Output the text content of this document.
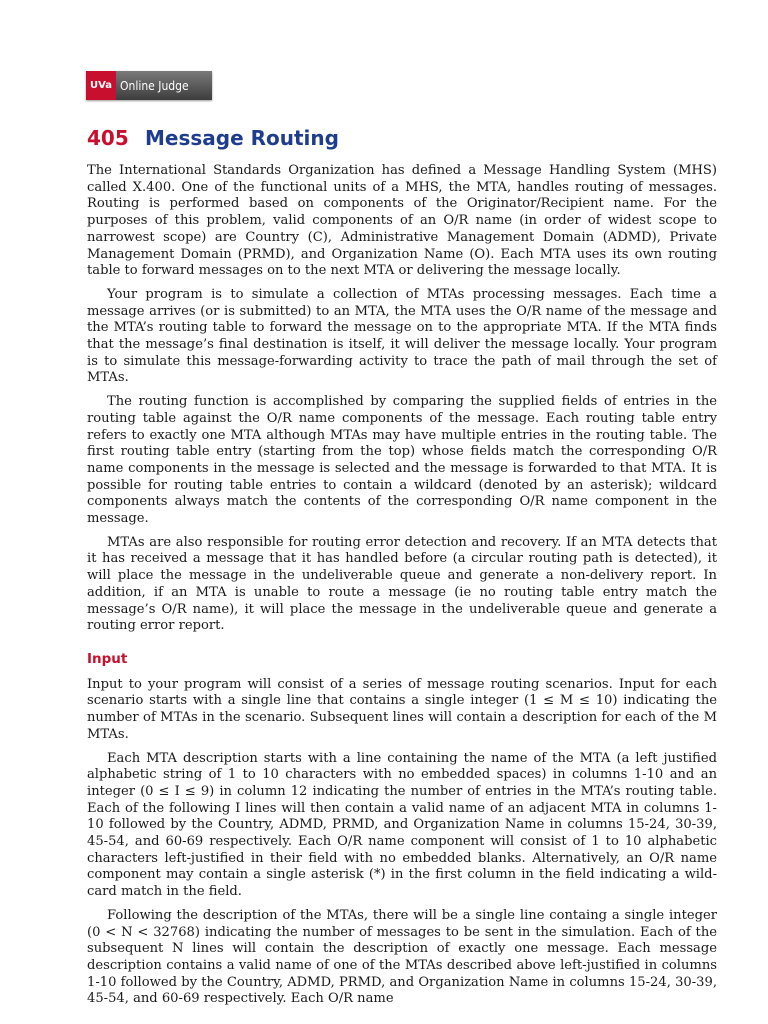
UVa Online Judge
405 Message Routing

The International Standards Organization has defined a Message Handling System (MHS) called X.400. One of the functional units of a MHS, the MTA, handles routing of messages. Routing is performed based on components of the Originator/Recipient name. For the purposes of this problem, valid components of an O/R name (in order of widest scope to narrowest scope) are Country (C), Administrative Management Domain (ADMD), Private Management Domain (PRMD), and Organization Name (O). Each MTA uses its own routing table to forward messages on to the next MTA or delivering the message locally.

Your program is to simulate a collection of MTAs processing messages. Each time a message arrives (or is submitted) to an MTA, the MTA uses the O/R name of the message and the MTA’s routing table to forward the message on to the appropriate MTA. If the MTA finds that the message’s final destination is itself, it will deliver the message locally. Your program is to simulate this message-forwarding activity to trace the path of mail through the set of MTAs.

The routing function is accomplished by comparing the supplied fields of entries in the routing table against the O/R name components of the message. Each routing table entry refers to exactly one MTA although MTAs may have multiple entries in the routing table. The first routing table entry (starting from the top) whose fields match the corresponding O/R name components in the message is selected and the message is forwarded to that MTA. It is possible for routing table entries to contain a wildcard (denoted by an asterisk); wildcard components always match the contents of the corresponding O/R name component in the message.

MTAs are also responsible for routing error detection and recovery. If an MTA detects that it has received a message that it has handled before (a circular routing path is detected), it will place the message in the undeliverable queue and generate a non-delivery report. In addition, if an MTA is unable to route a message (ie no routing table entry match the message’s O/R name), it will place the message in the undeliverable queue and generate a routing error report.

Input

Input to your program will consist of a series of message routing scenarios. Input for each scenario starts with a single line that contains a single integer (1 ≤ M ≤ 10) indicating the number of MTAs in the scenario. Subsequent lines will contain a description for each of the M MTAs.

Each MTA description starts with a line containing the name of the MTA (a left justified alphabetic string of 1 to 10 characters with no embedded spaces) in columns 1-10 and an integer (0 ≤ I ≤ 9) in column 12 indicating the number of entries in the MTA’s routing table. Each of the following I lines will then contain a valid name of an adjacent MTA in columns 1-10 followed by the Country, ADMD, PRMD, and Organization Name in columns 15-24, 30-39, 45-54, and 60-69 respectively. Each O/R name component will consist of 1 to 10 alphabetic characters left-justified in their field with no embedded blanks. Alternatively, an O/R name component may contain a single asterisk (*) in the first column in the field indicating a wild-card match in the field.

Following the description of the MTAs, there will be a single line containg a single integer (0 < N < 32768) indicating the number of messages to be sent in the simulation. Each of the subsequent N lines will contain the description of exactly one message. Each message description contains a valid name of one of the MTAs described above left-justified in columns 1-10 followed by the Country, ADMD, PRMD, and Organization Name in columns 15-24, 30-39, 45-54, and 60-69 respectively. Each O/R name
